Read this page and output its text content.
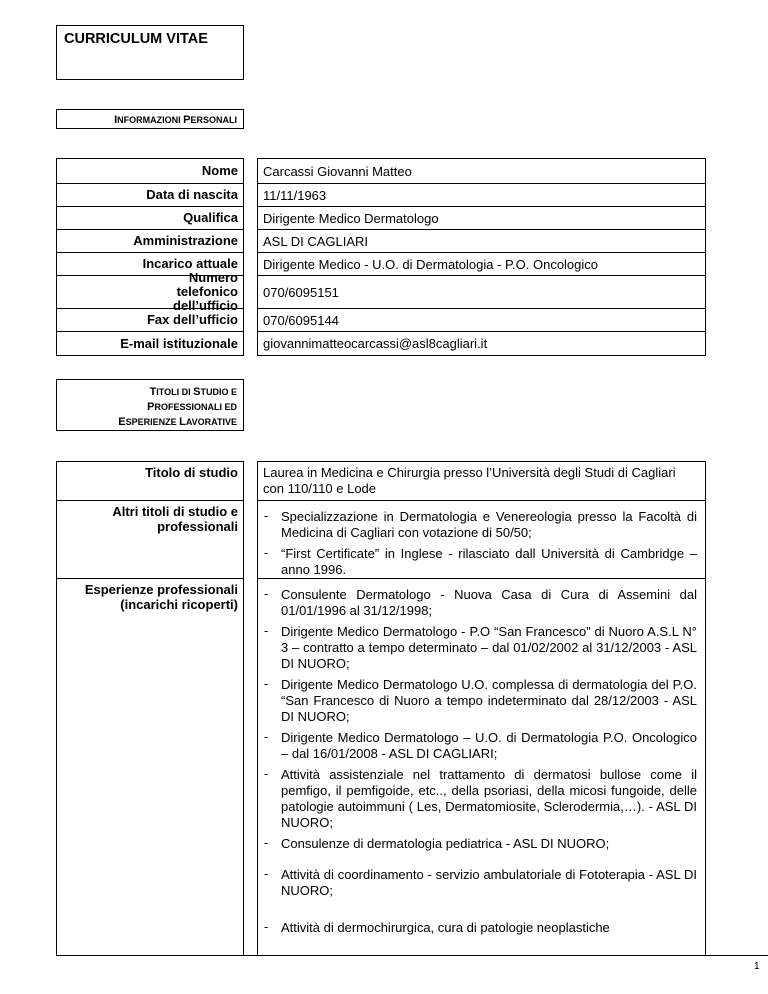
CURRICULUM VITAE
INFORMAZIONI PERSONALI
Nome Carcassi Giovanni Matteo
Data di nascita 11/11/1963
Qualifica Dirigente Medico Dermatologo
Amministrazione ASL DI CAGLIARI
Incarico attuale Dirigente Medico - U.O. di Dermatologia - P.O. Oncologico
Numero telefonico dell’ufficio
070/6095151
Fax dell’ufficio 070/6095144
E-mail istituzionale giovannimatteocarcassi@asl8cagliari.it
TITOLI DI STUDIO E
PROFESSIONALI ED
ESPERIENZE LAVORATIVE
Titolo di studio	Laurea in Medicina e Chirurgia presso l’Università degli Studi di Cagliari con 110/110 e Lode
Altri titoli di studio e professionali
Esperienze professionali (incarichi ricoperti)
- Specializzazione in Dermatologia e Venereologia presso la Facoltà di Medicina di Cagliari con votazione di 50/50;
- “First Certificate” in Inglese - rilasciato dall Università di Cambridge – anno 1996.
- Consulente Dermatologo - Nuova Casa di Cura di Assemini dal 01/01/1996 al 31/12/1998;
- Dirigente Medico Dermatologo - P.O “San Francesco” di Nuoro A.S.L N° 3 – contratto a tempo determinato – dal 01/02/2002 al 31/12/2003 - ASL DI NUORO;
- Dirigente Medico Dermatologo U.O. complessa di dermatologia del P.O. “San Francesco di Nuoro a tempo indeterminato dal 28/12/2003 - ASL DI NUORO;
- Dirigente Medico Dermatologo – U.O. di Dermatologia P.O. Oncologico – dal 16/01/2008 - ASL DI CAGLIARI;
- Attività assistenziale nel trattamento di dermatosi bullose come il pemfigo, il pemfigoide, etc.., della psoriasi, della micosi fungoide, delle patologie autoimmuni ( Les, Dermatomiosite, Sclerodermia,…). - ASL DI NUORO;
- Consulenze di dermatologia pediatrica - ASL DI NUORO;
- Attività di coordinamento - servizio ambulatoriale di Fototerapia - ASL DI NUORO;
- Attività di dermochirurgica, cura di patologie neoplastiche
1
